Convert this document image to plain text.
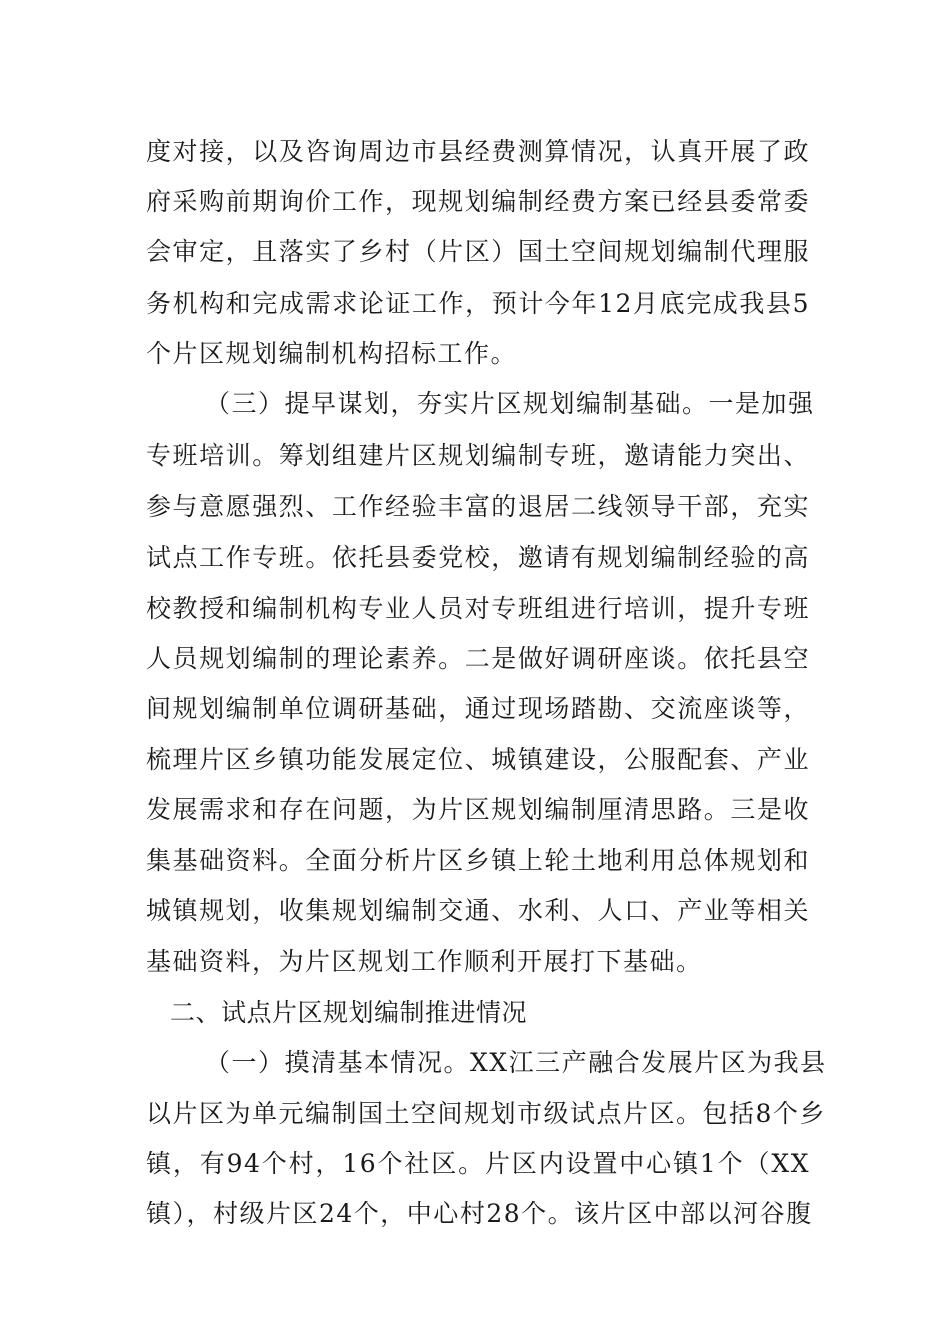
度对接，以及咨询周边市县经费测算情况，认真开展了政
府采购前期询价工作，现规划编制经费方案已经县委常委
会审定，且落实了乡村（片区）国土空间规划编制代理服
务机构和完成需求论证工作，预计今年12月底完成我县5
个片区规划编制机构招标工作。
（三）提早谋划，夯实片区规划编制基础。一是加强
专班培训。筹划组建片区规划编制专班，邀请能力突出、
参与意愿强烈、工作经验丰富的退居二线领导干部，充实
试点工作专班。依托县委党校，邀请有规划编制经验的高
校教授和编制机构专业人员对专班组进行培训，提升专班
人员规划编制的理论素养。二是做好调研座谈。依托县空
间规划编制单位调研基础，通过现场踏勘、交流座谈等，
梳理片区乡镇功能发展定位、城镇建设，公服配套、产业
发展需求和存在问题，为片区规划编制厘清思路。三是收
集基础资料。全面分析片区乡镇上轮土地利用总体规划和
城镇规划，收集规划编制交通、水利、人口、产业等相关
基础资料，为片区规划工作顺利开展打下基础。
二、试点片区规划编制推进情况
（一）摸清基本情况。XX江三产融合发展片区为我县
以片区为单元编制国土空间规划市级试点片区。包括8个乡
镇，有94个村，16个社区。片区内设置中心镇1个（XX
镇），村级片区24个，中心村28个。该片区中部以河谷腹
